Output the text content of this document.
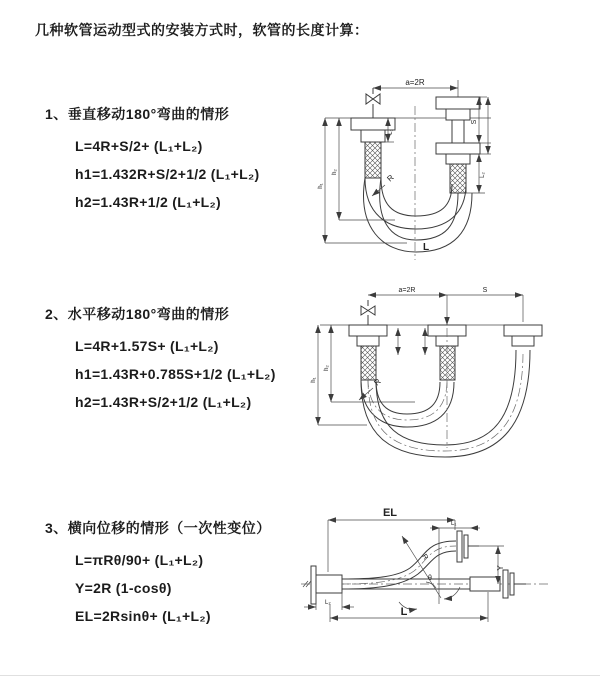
几种软管运动型式的安装方式时，软管的长度计算：
1、垂直移动180°弯曲的情形
L=4R+S/2+ (L₁+L₂)
h1=1.432R+S/2+1/2 (L₁+L₂)
h2=1.43R+1/2 (L₁+L₂)
2、水平移动180°弯曲的情形
L=4R+1.57S+ (L₁+L₂)
h1=1.43R+0.785S+1/2 (L₁+L₂)
h2=1.43R+S/2+1/2 (L₁+L₂)
3、横向位移的情形（一次性变位）
L=πRθ/90+ (L₁+L₂)
Y=2R (1-cosθ)
EL=2Rsinθ+ (L₁+L₂)
a=2R
h₁
h₂
L₁
S
L₂
R
L
a=2R	S
h₁
h₂
R
EL
L₁
R
θ
Y
L₂
L
